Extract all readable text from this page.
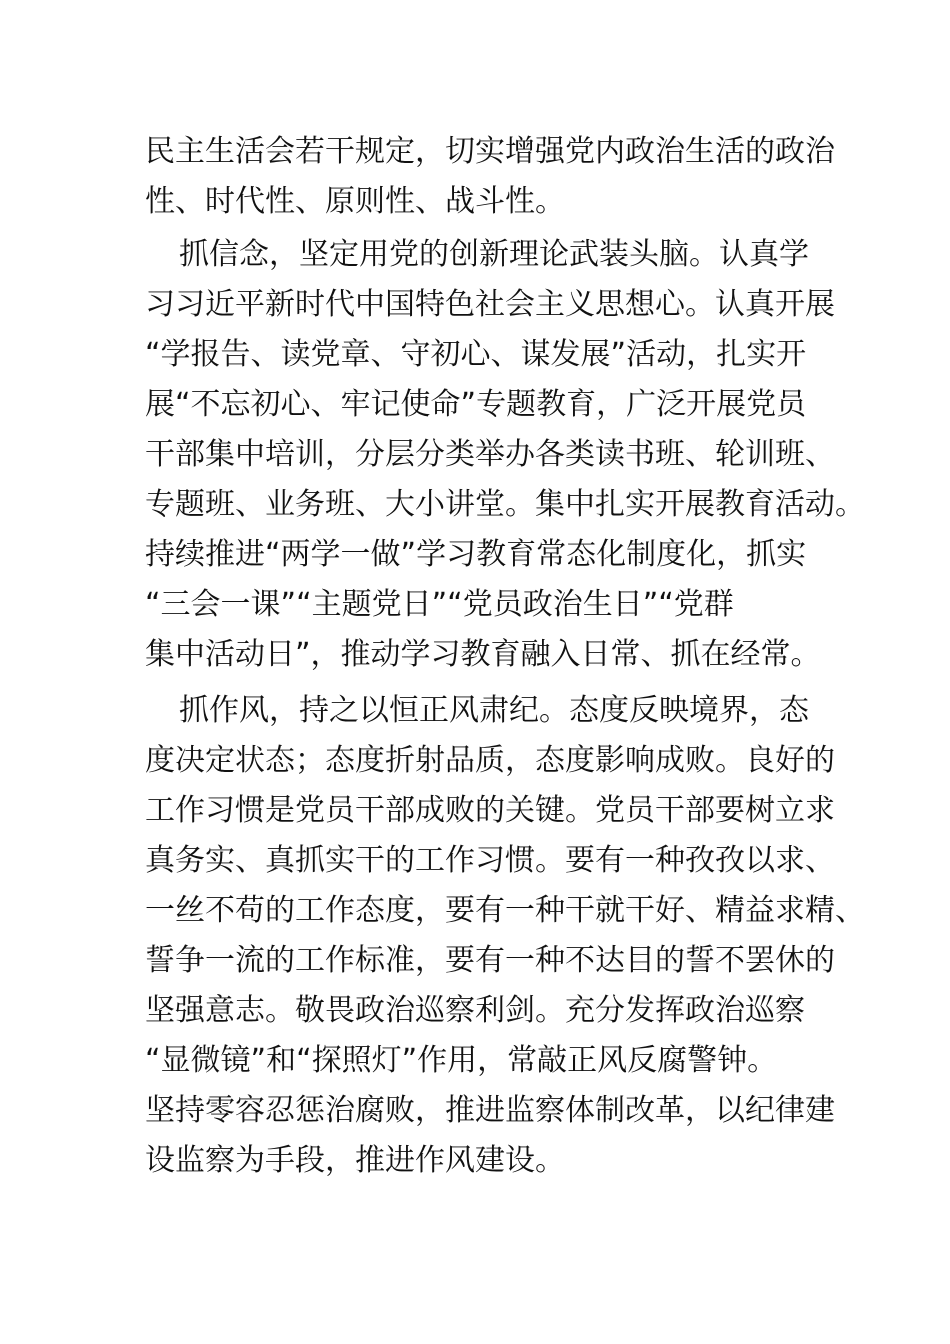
民主生活会若干规定，切实增强党内政治生活的政治
性、时代性、原则性、战斗性。
抓信念，坚定用党的创新理论武装头脑。认真学
习习近平新时代中国特色社会主义思想心。认真开展
“学报告、读党章、守初心、谋发展”活动，扎实开
展“不忘初心、牢记使命”专题教育，广泛开展党员
干部集中培训，分层分类举办各类读书班、轮训班、
专题班、业务班、大小讲堂。集中扎实开展教育活动。
持续推进“两学一做”学习教育常态化制度化，抓实
“三会一课”“主题党日”“党员政治生日”“党群
集中活动日”，推动学习教育融入日常、抓在经常。
抓作风，持之以恒正风肃纪。态度反映境界，态
度决定状态；态度折射品质，态度影响成败。良好的
工作习惯是党员干部成败的关键。党员干部要树立求
真务实、真抓实干的工作习惯。要有一种孜孜以求、
一丝不苟的工作态度，要有一种干就干好、精益求精、
誓争一流的工作标准，要有一种不达目的誓不罢休的
坚强意志。敬畏政治巡察利剑。充分发挥政治巡察
“显微镜”和“探照灯”作用，常敲正风反腐警钟。
坚持零容忍惩治腐败，推进监察体制改革，以纪律建
设监察为手段，推进作风建设。
